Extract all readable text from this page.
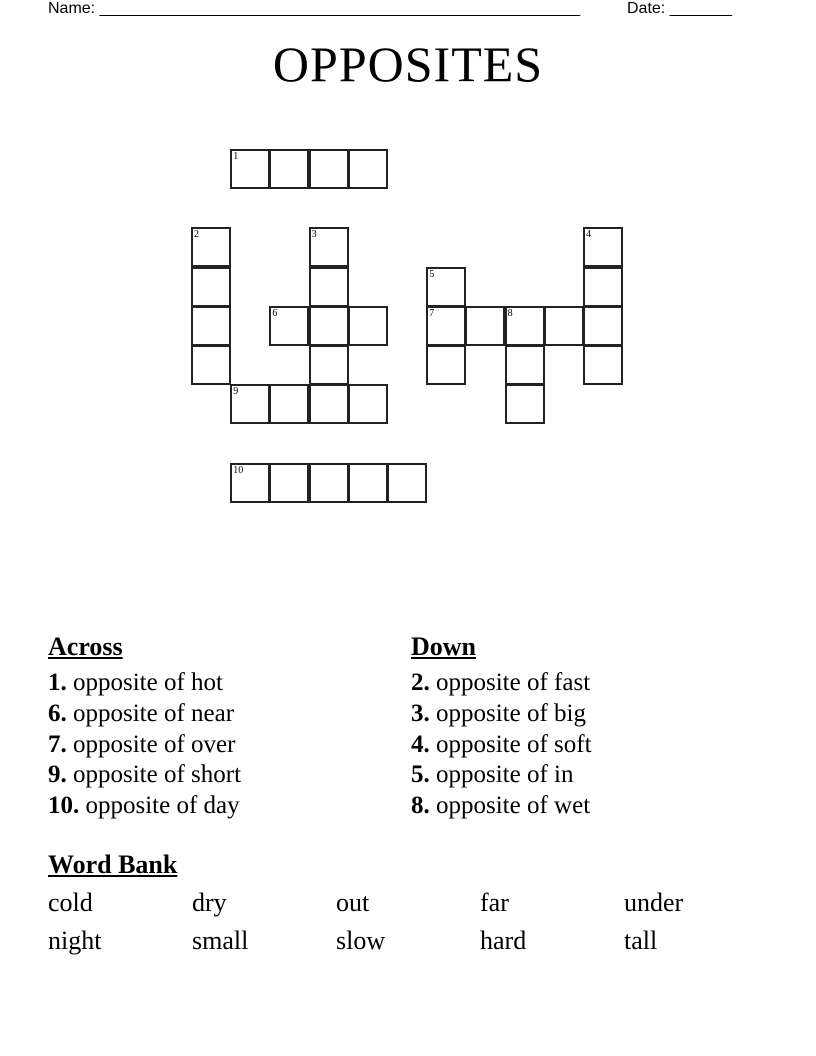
Name: ______________________________________________________	Date: _______
OPPOSITES
1
2	3	4
5
7
6	8
9
10
Across
1. opposite of hot
6. opposite of near
7. opposite of over
9. opposite of short
10. opposite of day
Down
2. opposite of fast
3. opposite of big
4. opposite of soft
5. opposite of in
8. opposite of wet
Word Bank
cold	dry	out	far	under
night	small	slow	hard	tall
